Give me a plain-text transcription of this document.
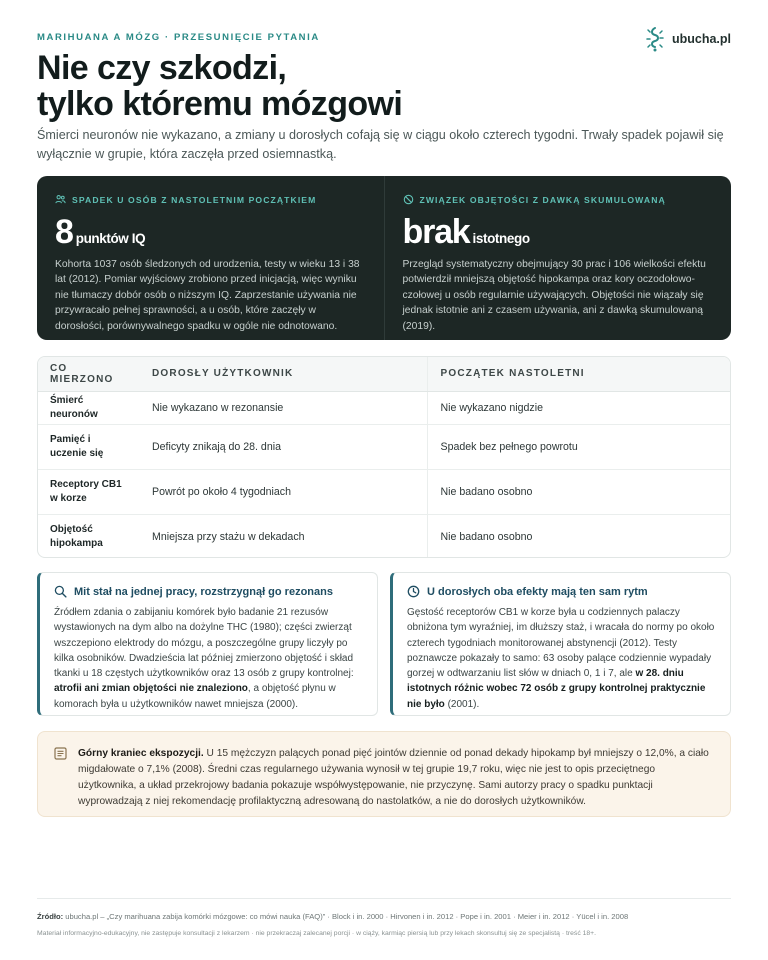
MARIHUANA A MÓZG · PRZESUNIĘCIE PYTANIA	ubucha.pl
Nie czy szkodzi,
tylko któremu mózgowi

Śmierci neuronów nie wykazano, a zmiany u dorosłych cofają się w ciągu około czterech tygodni. Trwały spadek pojawił się wyłącznie w grupie, która zaczęła przed osiemnastką.

SPADEK U OSÓB Z NASTOLETNIM POCZĄTKIEM
8 punktów IQ

Kohorta 1037 osób śledzonych od urodzenia, testy w wieku 13 i 38 lat (2012). Pomiar wyjściowy zrobiono przed inicjacją, więc wyniku nie tłumaczy dobór osób o niższym IQ. Zaprzestanie używania nie przywracało pełnej sprawności, a u osób, które zaczęły w dorosłości, porównywalnego spadku w ogóle nie odnotowano.

ZWIĄZEK OBJĘTOŚCI Z DAWKĄ SKUMULOWANĄ
brak istotnego

Przegląd systematyczny obejmujący 30 prac i 106 wielkości efektu potwierdził mniejszą objętość hipokampa oraz kory oczodołowo-czołowej u osób regularnie używających. Objętości nie wiązały się jednak istotnie ani z czasem używania, ani z dawką skumulowaną (2019).

CO MIERZONO	DOROSŁY UŻYTKOWNIK	POCZĄTEK NASTOLETNI
Śmierć neuronów	Nie wykazano w rezonansie	Nie wykazano nigdzie
Pamięć i uczenie się	Deficyty znikają do 28. dnia	Spadek bez pełnego powrotu
Receptory CB1 w korze	Powrót po około 4 tygodniach	Nie badano osobno
Objętość hipokampa	Mniejsza przy stażu w dekadach	Nie badano osobno
Mit stał na jednej pracy, rozstrzygnął go rezonans

Źródłem zdania o zabijaniu komórek było badanie 21 rezusów wystawionych na dym albo na dożylne THC (1980); części zwierząt wszczepiono elektrody do mózgu, a poszczególne grupy liczyły po kilka osobników. Dwadzieścia lat później zmierzono objętość i skład tkanki u 18 częstych użytkowników oraz 13 osób z grupy kontrolnej: atrofii ani zmian objętości nie znaleziono, a objętość płynu w komorach była u użytkowników nawet mniejsza (2000).

U dorosłych oba efekty mają ten sam rytm

Gęstość receptorów CB1 w korze była u codziennych palaczy obniżona tym wyraźniej, im dłuższy staż, i wracała do normy po około czterech tygodniach monitorowanej abstynencji (2012). Testy poznawcze pokazały to samo: 63 osoby palące codziennie wypadały gorzej w odtwarzaniu list słów w dniach 0, 1 i 7, ale w 28. dniu istotnych różnic wobec 72 osób z grupy kontrolnej praktycznie nie było (2001).

Górny kraniec ekspozycji. U 15 mężczyzn palących ponad pięć jointów dziennie od ponad dekady hipokamp był mniejszy o 12,0%, a ciało migdałowate o 7,1% (2008). Średni czas regularnego używania wynosił w tej grupie 19,7 roku, więc nie jest to opis przeciętnego użytkownika, a układ przekrojowy badania pokazuje współwystępowanie, nie przyczynę. Sami autorzy pracy o spadku punktacji wyprowadzają z niej rekomendację profilaktyczną adresowaną do nastolatków, a nie do dorosłych użytkowników.

Źródło: ubucha.pl – „Czy marihuana zabija komórki mózgowe: co mówi nauka (FAQ)” · Block i in. 2000 · Hirvonen i in. 2012 · Pope i in. 2001 · Meier i in. 2012 · Yücel i in. 2008

Materiał informacyjno-edukacyjny, nie zastępuje konsultacji z lekarzem · nie przekraczaj zalecanej porcji · w ciąży, karmiąc piersią lub przy lekach skonsultuj się ze specjalistą · treść 18+.
